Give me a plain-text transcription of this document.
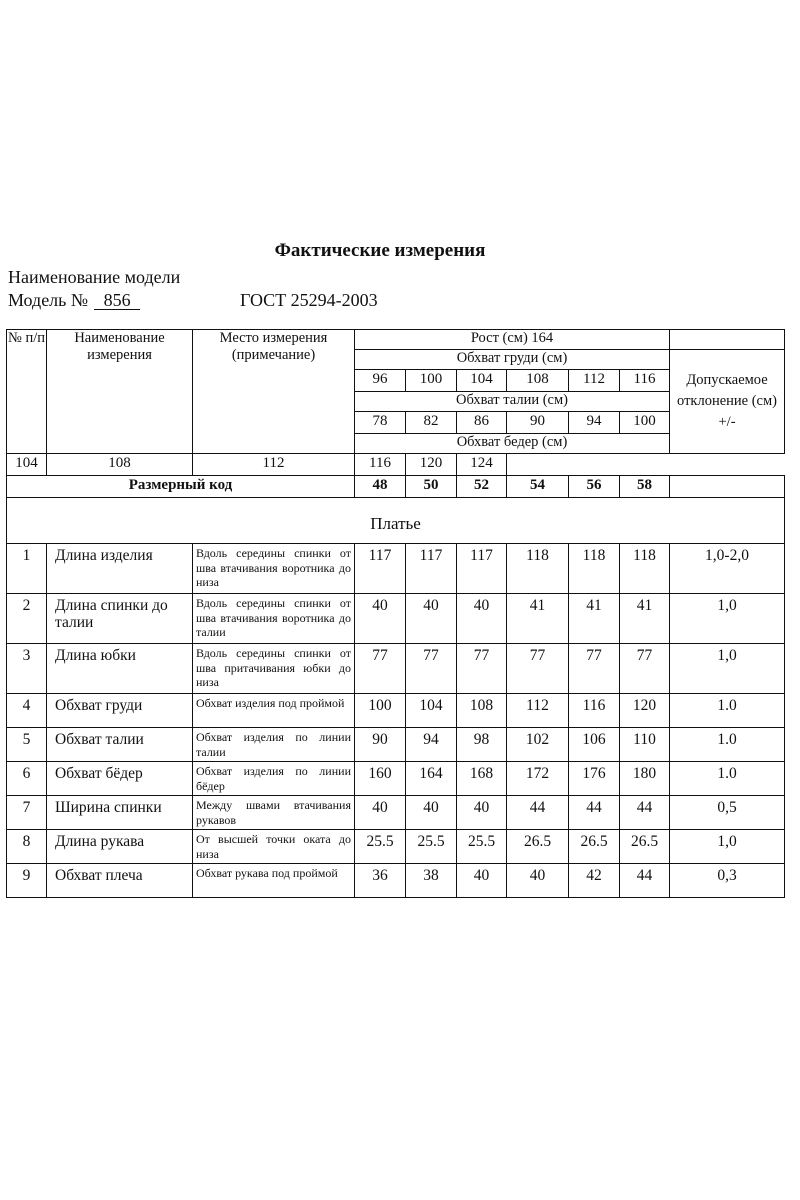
Фактические измерения
Наименование модели
Модель № 856	ГОСТ 25294-2003
№ п/п	Наименование измерения	Место измерения (примечание)	Рост (см) 164						
			Обхват груди (см)						Допускаемое отклонение (см) +/-
			96	100	104	108	112	116	
			Обхват талии (см)						
			78	82	86	90	94	100	
			Обхват бедер (см)						
104	108	112	116	120	124				
Размерный код			48	50	52	54	56	58	
Платье									
1	Длина изделия	Вдоль середины спинки от шва втачивания воротника до низа	117	117	117	118	118	118	1,0-2,0
2	Длина спинки до талии	Вдоль середины спинки от шва втачивания воротника до талии	40	40	40	41	41	41	1,0
3	Длина юбки	Вдоль середины спинки от шва притачивания юбки до низа	77	77	77	77	77	77	1,0
4	Обхват груди	Обхват изделия под проймой	100	104	108	112	116	120	1.0
5	Обхват талии	Обхват изделия по линии талии	90	94	98	102	106	110	1.0
6	Обхват бёдер	Обхват изделия по линии бёдер	160	164	168	172	176	180	1.0
7	Ширина спинки	Между швами втачивания рукавов	40	40	40	44	44	44	0,5
8	Длина рукава	От высшей точки оката до низа	25.5	25.5	25.5	26.5	26.5	26.5	1,0
9	Обхват плеча	Обхват рукава под проймой	36	38	40	40	42	44	0,3
